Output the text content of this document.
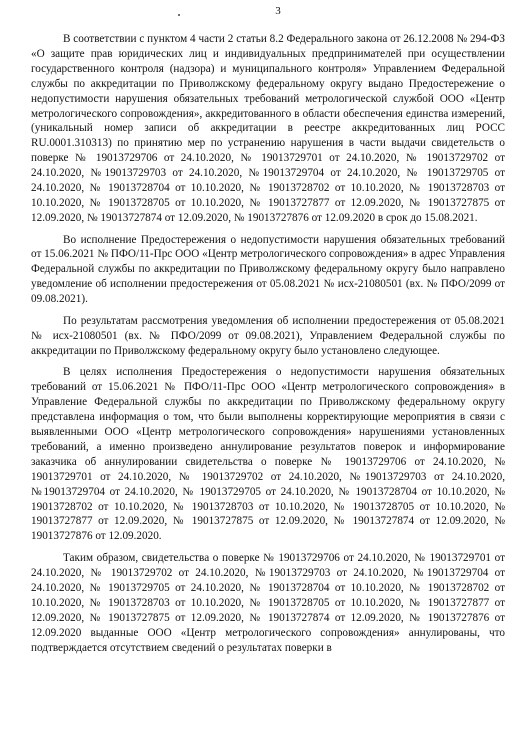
3

В соответствии с пунктом 4 части 2 статьи 8.2 Федерального закона от 26.12.2008 № 294-ФЗ «О защите прав юридических лиц и индивидуальных предпринимателей при осуществлении государственного контроля (надзора) и муниципального контроля» Управлением Федеральной службы по аккредитации по Приволжскому федеральному округу выдано Предостережение о недопустимости нарушения обязательных требований метрологической службой ООО «Центр метрологического сопровождения», аккредитованного в области обеспечения единства измерений, (уникальный номер записи об аккредитации в реестре аккредитованных лиц РОСС RU.0001.310313) по принятию мер по устранению нарушения в части выдачи свидетельств о поверке № 19013729706 от 24.10.2020, № 19013729701 от 24.10.2020, № 19013729702 от 24.10.2020, №19013729703 от 24.10.2020, №19013729704 от 24.10.2020, № 19013729705 от 24.10.2020, № 19013728704 от 10.10.2020, № 19013728702 от 10.10.2020, № 19013728703 от 10.10.2020, № 19013728705 от 10.10.2020, № 19013727877 от 12.09.2020, № 19013727875 от 12.09.2020, № 19013727874 от 12.09.2020, № 19013727876 от 12.09.2020 в срок до 15.08.2021.

Во исполнение Предостережения о недопустимости нарушения обязательных требований от 15.06.2021 № ПФО/11-Прс ООО «Центр метрологического сопровождения» в адрес Управления Федеральной службы по аккредитации по Приволжскому федеральному округу было направлено уведомление об исполнении предостережения от 05.08.2021 № исх-21080501 (вх. № ПФО/2099 от 09.08.2021).

По результатам рассмотрения уведомления об исполнении предостережения от 05.08.2021 № исх-21080501 (вх. № ПФО/2099 от 09.08.2021), Управлением Федеральной службы по аккредитации по Приволжскому федеральному округу было установлено следующее.

В целях исполнения Предостережения о недопустимости нарушения обязательных требований от 15.06.2021 № ПФО/11-Прс ООО «Центр метрологического сопровождения» в Управление Федеральной службы по аккредитации по Приволжскому федеральному округу представлена информация о том, что были выполнены корректирующие мероприятия в связи с выявленными ООО «Центр метрологического сопровождения» нарушениями установленных требований, а именно произведено аннулирование результатов поверок и информирование заказчика об аннулировании свидетельства о поверке № 19013729706 от 24.10.2020, № 19013729701 от 24.10.2020, № 19013729702 от 24.10.2020, №19013729703 от 24.10.2020, №19013729704 от 24.10.2020, № 19013729705 от 24.10.2020, № 19013728704 от 10.10.2020, № 19013728702 от 10.10.2020, № 19013728703 от 10.10.2020, № 19013728705 от 10.10.2020, № 19013727877 от 12.09.2020, № 19013727875 от 12.09.2020, № 19013727874 от 12.09.2020, № 19013727876 от 12.09.2020.

Таким образом, свидетельства о поверке № 19013729706 от 24.10.2020, № 19013729701 от 24.10.2020, № 19013729702 от 24.10.2020, №19013729703 от 24.10.2020, №19013729704 от 24.10.2020, № 19013729705 от 24.10.2020, № 19013728704 от 10.10.2020, № 19013728702 от 10.10.2020, № 19013728703 от 10.10.2020, № 19013728705 от 10.10.2020, № 19013727877 от 12.09.2020, № 19013727875 от 12.09.2020, № 19013727874 от 12.09.2020, № 19013727876 от 12.09.2020 выданные ООО «Центр метрологического сопровождения» аннулированы, что подтверждается отсутствием сведений о результатах поверки в
